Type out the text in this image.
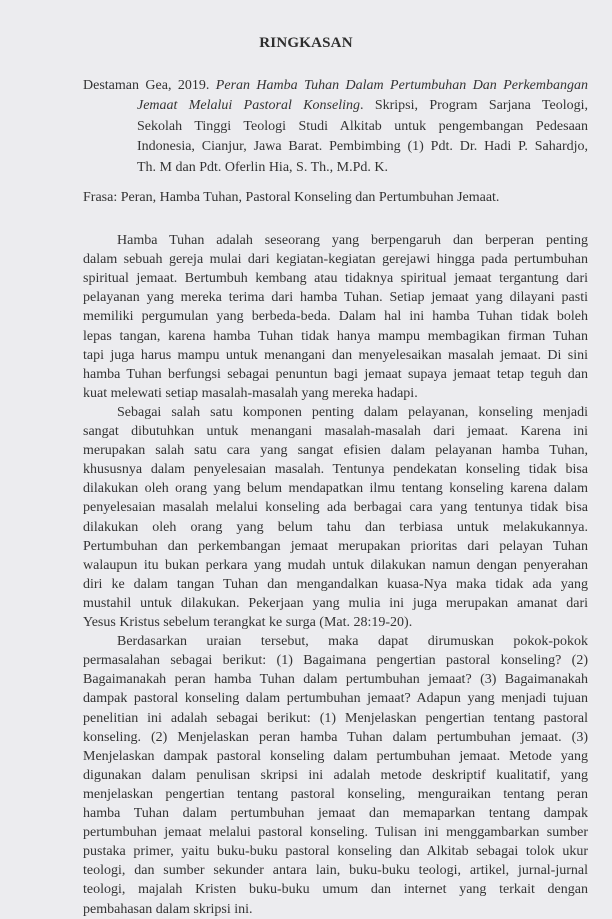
RINGKASAN
Destaman Gea, 2019. Peran Hamba Tuhan Dalam Pertumbuhan Dan Perkembangan
Jemaat Melalui Pastoral Konseling. Skripsi, Program Sarjana Teologi,
Sekolah Tinggi Teologi Studi Alkitab untuk pengembangan Pedesaan
Indonesia, Cianjur, Jawa Barat. Pembimbing (1) Pdt. Dr. Hadi P. Sahardjo,
Th. M dan Pdt. Oferlin Hia, S. Th., M.Pd. K.
Frasa: Peran, Hamba Tuhan, Pastoral Konseling dan Pertumbuhan Jemaat.
Hamba Tuhan adalah seseorang yang berpengaruh dan berperan penting
dalam sebuah gereja mulai dari kegiatan-kegiatan gerejawi hingga pada pertumbuhan
spiritual jemaat. Bertumbuh kembang atau tidaknya spiritual jemaat tergantung dari
pelayanan yang mereka terima dari hamba Tuhan. Setiap jemaat yang dilayani pasti
memiliki pergumulan yang berbeda-beda. Dalam hal ini hamba Tuhan tidak boleh
lepas tangan, karena hamba Tuhan tidak hanya mampu membagikan firman Tuhan
tapi juga harus mampu untuk menangani dan menyelesaikan masalah jemaat. Di sini
hamba Tuhan berfungsi sebagai penuntun bagi jemaat supaya jemaat tetap teguh dan
kuat melewati setiap masalah-masalah yang mereka hadapi.
Sebagai salah satu komponen penting dalam pelayanan, konseling menjadi
sangat dibutuhkan untuk menangani masalah-masalah dari jemaat. Karena ini
merupakan salah satu cara yang sangat efisien dalam pelayanan hamba Tuhan,
khususnya dalam penyelesaian masalah. Tentunya pendekatan konseling tidak bisa
dilakukan oleh orang yang belum mendapatkan ilmu tentang konseling karena dalam
penyelesaian masalah melalui konseling ada berbagai cara yang tentunya tidak bisa
dilakukan oleh orang yang belum tahu dan terbiasa untuk melakukannya.
Pertumbuhan dan perkembangan jemaat merupakan prioritas dari pelayan Tuhan
walaupun itu bukan perkara yang mudah untuk dilakukan namun dengan penyerahan
diri ke dalam tangan Tuhan dan mengandalkan kuasa-Nya maka tidak ada yang
mustahil untuk dilakukan. Pekerjaan yang mulia ini juga merupakan amanat dari
Yesus Kristus sebelum terangkat ke surga (Mat. 28:19-20).
Berdasarkan uraian tersebut, maka dapat dirumuskan pokok-pokok
permasalahan sebagai berikut: (1) Bagaimana pengertian pastoral konseling? (2)
Bagaimanakah peran hamba Tuhan dalam pertumbuhan jemaat? (3) Bagaimanakah
dampak pastoral konseling dalam pertumbuhan jemaat? Adapun yang menjadi tujuan
penelitian ini adalah sebagai berikut: (1) Menjelaskan pengertian tentang pastoral
konseling. (2) Menjelaskan peran hamba Tuhan dalam pertumbuhan jemaat. (3)
Menjelaskan dampak pastoral konseling dalam pertumbuhan jemaat. Metode yang
digunakan dalam penulisan skripsi ini adalah metode deskriptif kualitatif, yang
menjelaskan pengertian tentang pastoral konseling, menguraikan tentang peran
hamba Tuhan dalam pertumbuhan jemaat dan memaparkan tentang dampak
pertumbuhan jemaat melalui pastoral konseling. Tulisan ini menggambarkan sumber
pustaka primer, yaitu buku-buku pastoral konseling dan Alkitab sebagai tolok ukur
teologi, dan sumber sekunder antara lain, buku-buku teologi, artikel, jurnal-jurnal
teologi, majalah Kristen buku-buku umum dan internet yang terkait dengan
pembahasan dalam skripsi ini.
